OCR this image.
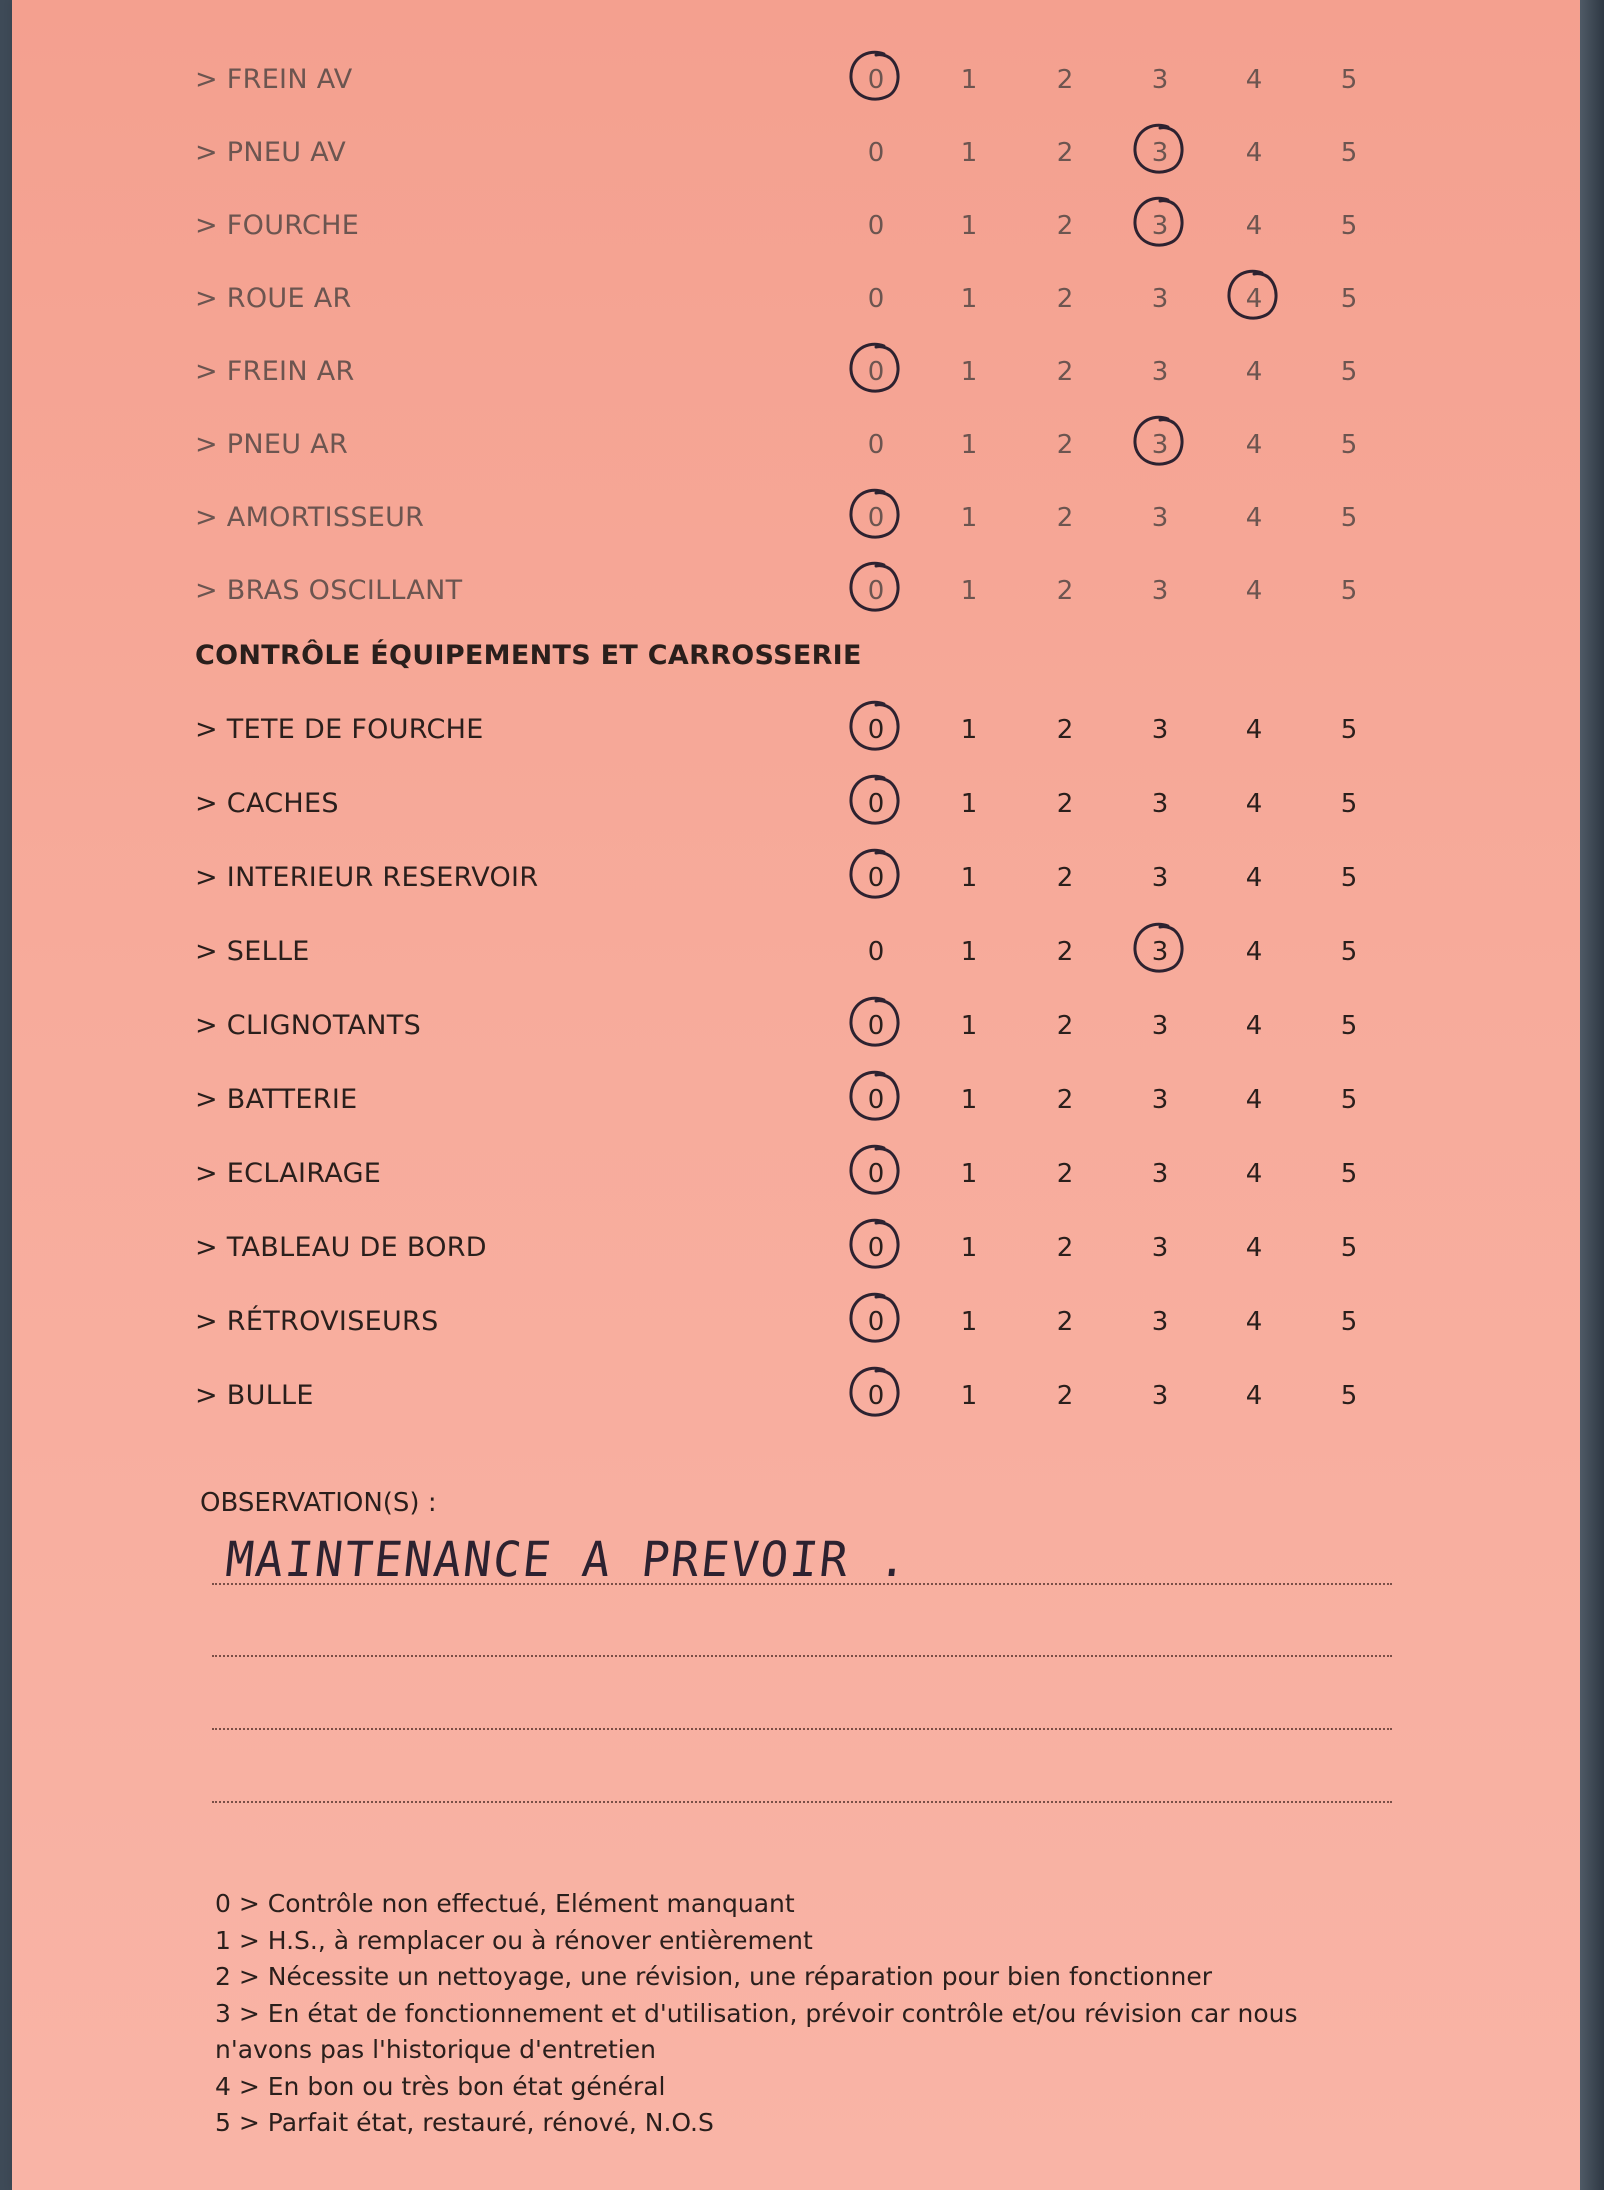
> FREIN AV	0	1	2	3	4	5
> PNEU AV	0	1	2	3	4	5
> FOURCHE	0	1	2	3	4	5
> ROUE AR	0	1	2	3	4	5
> FREIN AR	0	1	2	3	4	5
> PNEU AR	0	1	2	3	4	5
> AMORTISSEUR	0	1	2	3	4	5
> BRAS OSCILLANT	0	1	2	3	4	5
CONTRÔLE ÉQUIPEMENTS ET CARROSSERIE
> TETE DE FOURCHE	0	1	2	3	4	5
> CACHES	0	1	2	3	4	5
> INTERIEUR RESERVOIR	0	1	2	3	4	5
> SELLE	0	1	2	3	4	5
> CLIGNOTANTS	0	1	2	3	4	5
> BATTERIE	0	1	2	3	4	5
> ECLAIRAGE	0	1	2	3	4	5
> TABLEAU DE BORD	0	1	2	3	4	5
> RÉTROVISEURS	0	1	2	3	4	5
> BULLE	0	1	2	3	4	5
OBSERVATION(S) :
MAINTENANCE A PREVOIR .
0 > Contrôle non effectué, Elément manquant
1 > H.S., à remplacer ou à rénover entièrement
2 > Nécessite un nettoyage, une révision, une réparation pour bien fonctionner
3 > En état de fonctionnement et d'utilisation, prévoir contrôle et/ou révision car nous
n'avons pas l'historique d'entretien
4 > En bon ou très bon état général
5 > Parfait état, restauré, rénové, N.O.S
